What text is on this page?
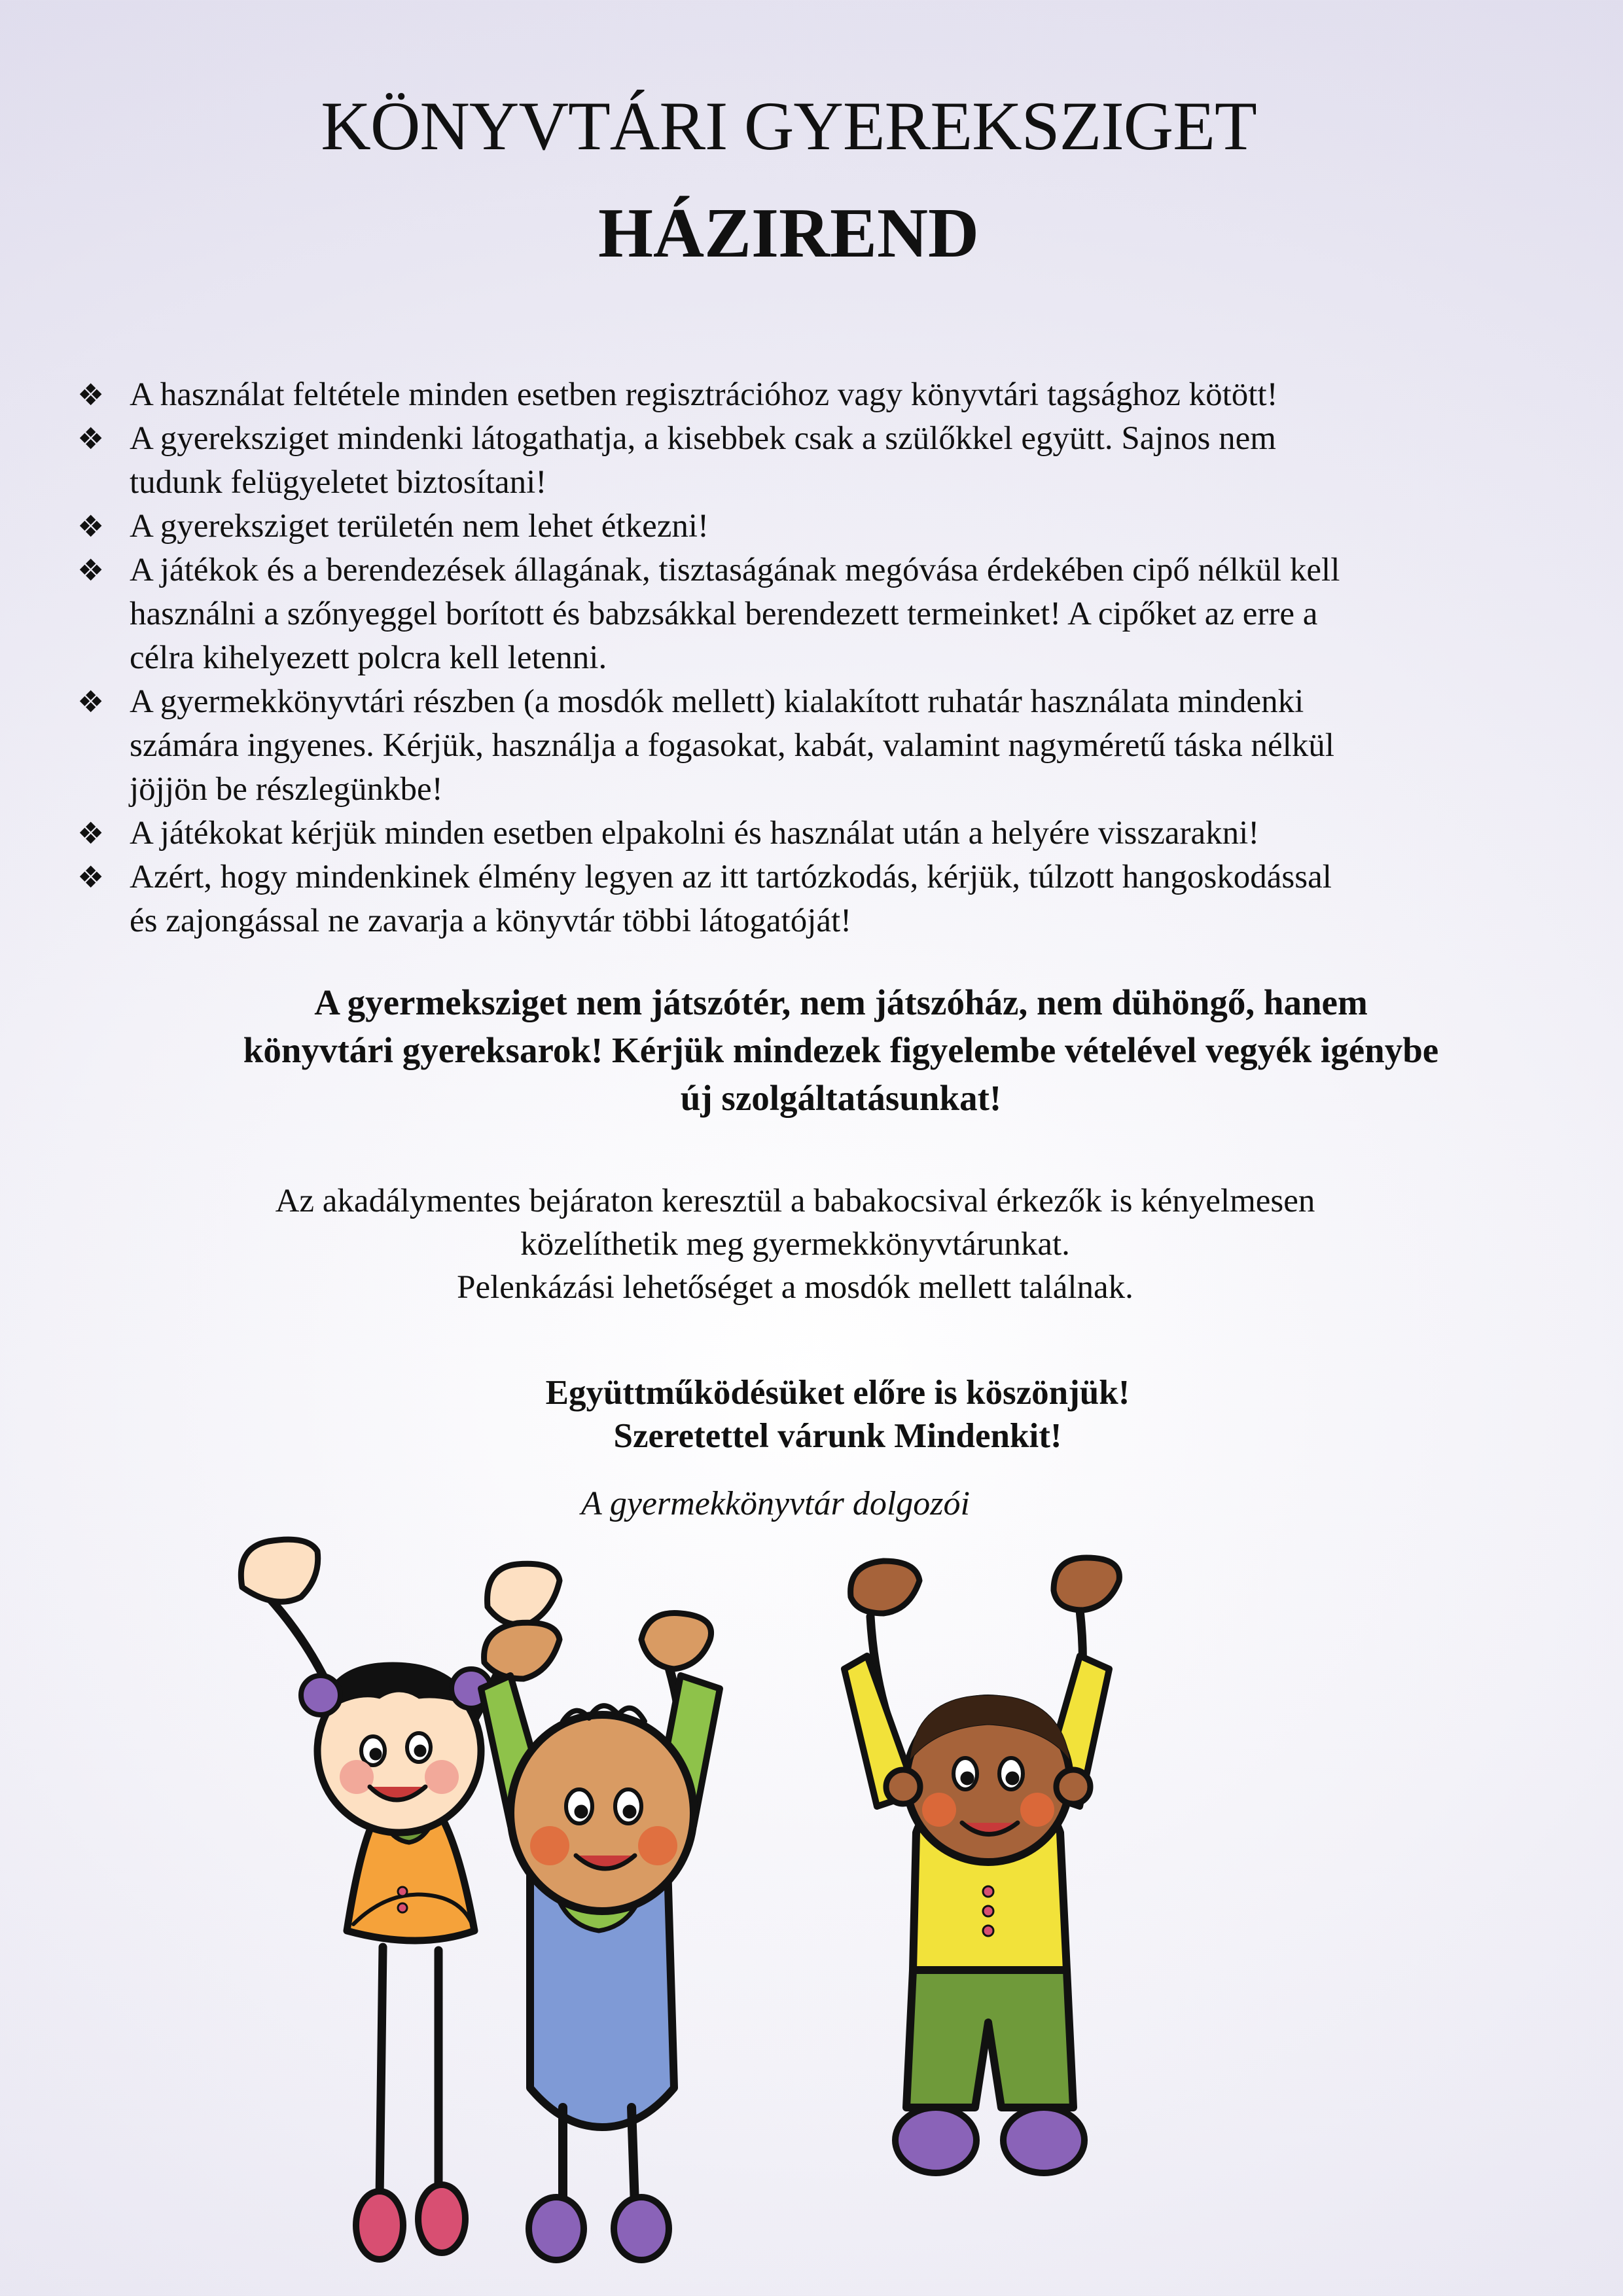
KÖNYVTÁRI GYEREKSZIGET
HÁZIREND
❖ A használat feltétele minden esetben regisztrációhoz vagy könyvtári tagsághoz kötött!
❖ A gyereksziget mindenki látogathatja, a kisebbek csak a szülőkkel együtt. Sajnos nem
tudunk felügyeletet biztosítani!
❖ A gyereksziget területén nem lehet étkezni!
❖ A játékok és a berendezések állagának, tisztaságának megóvása érdekében cipő nélkül kell
használni a szőnyeggel borított és babzsákkal berendezett termeinket! A cipőket az erre a
célra kihelyezett polcra kell letenni.
❖ A gyermekkönyvtári részben (a mosdók mellett) kialakított ruhatár használata mindenki
számára ingyenes. Kérjük, használja a fogasokat, kabát, valamint nagyméretű táska nélkül
jöjjön be részlegünkbe!
❖ A játékokat kérjük minden esetben elpakolni és használat után a helyére visszarakni!
❖ Azért, hogy mindenkinek élmény legyen az itt tartózkodás, kérjük, túlzott hangoskodással
és zajongással ne zavarja a könyvtár többi látogatóját!

A gyermeksziget nem játszótér, nem játszóház, nem dühöngő, hanem
könyvtári gyereksarok! Kérjük mindezek figyelembe vételével vegyék igénybe
új szolgáltatásunkat!

Az akadálymentes bejáraton keresztül a babakocsival érkezők is kényelmesen
közelíthetik meg gyermekkönyvtárunkat.
Pelenkázási lehetőséget a mosdók mellett találnak.

Együttműködésüket előre is köszönjük!
Szeretettel várunk Mindenkit!

A gyermekkönyvtár dolgozói
